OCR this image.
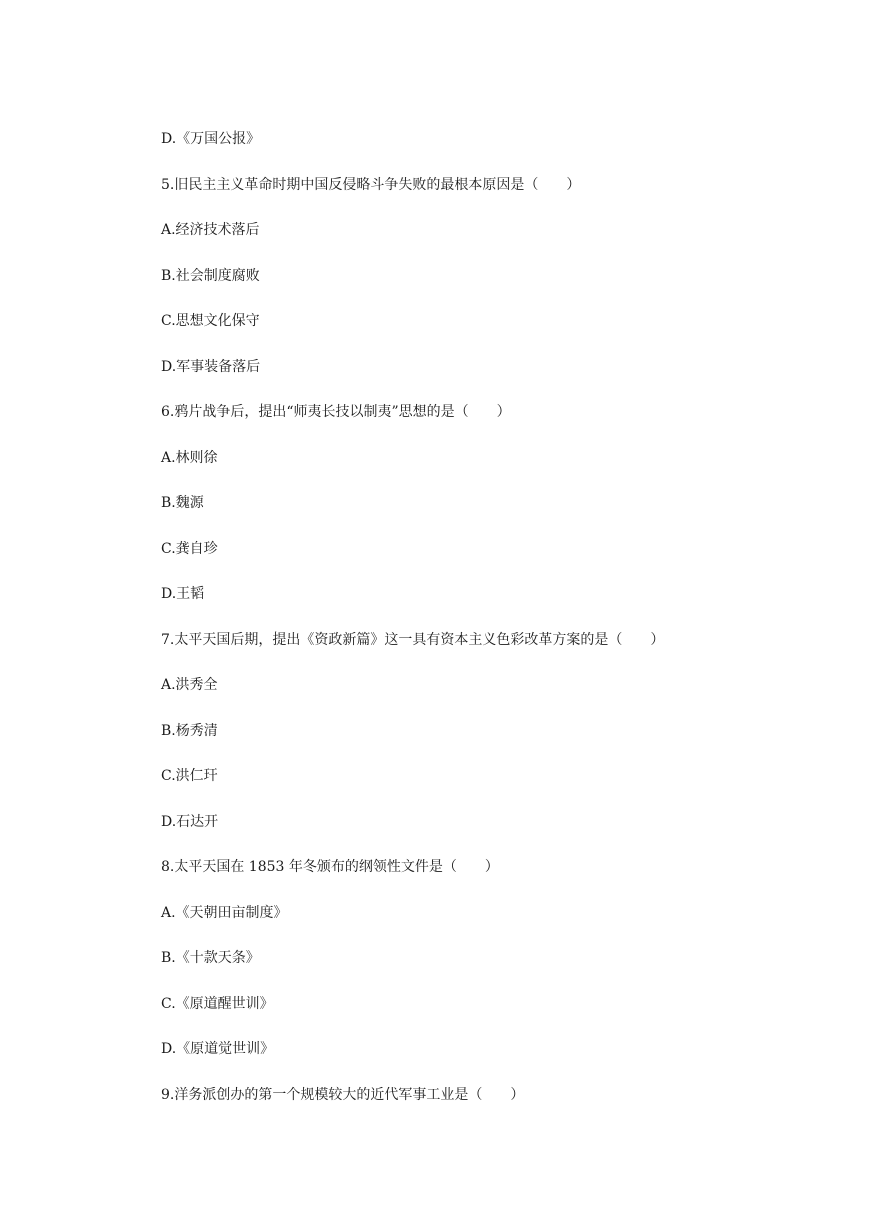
D.《万国公报》
5.旧民主主义革命时期中国反侵略斗争失败的最根本原因是（　　）
A.经济技术落后
B.社会制度腐败
C.思想文化保守
D.军事装备落后
6.鸦片战争后，提出“师夷长技以制夷”思想的是（　　）
A.林则徐
B.魏源
C.龚自珍
D.王韬
7.太平天国后期，提出《资政新篇》这一具有资本主义色彩改革方案的是（　　）
A.洪秀全
B.杨秀清
C.洪仁玕
D.石达开
8.太平天国在 1853 年冬颁布的纲领性文件是（　　）
A.《天朝田亩制度》
B.《十款天条》
C.《原道醒世训》
D.《原道觉世训》
9.洋务派创办的第一个规模较大的近代军事工业是（　　）
